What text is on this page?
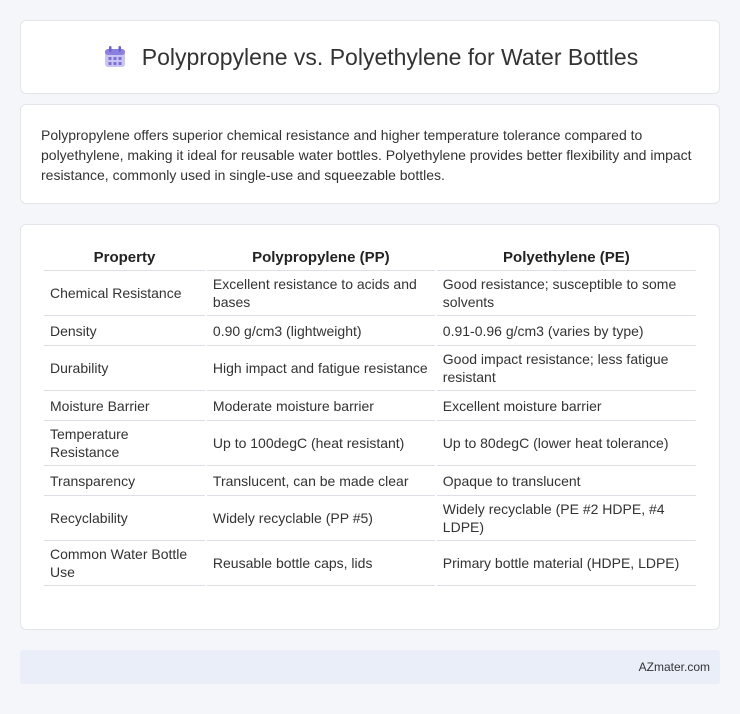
Polypropylene vs. Polyethylene for Water Bottles

Polypropylene offers superior chemical resistance and higher temperature tolerance compared to polyethylene, making it ideal for reusable water bottles. Polyethylene provides better flexibility and impact resistance, commonly used in single-use and squeezable bottles.

Property	Polypropylene (PP)	Polyethylene (PE)
Chemical Resistance	Excellent resistance to acids and bases	Good resistance; susceptible to some solvents
Density	0.90 g/cm3 (lightweight)	0.91-0.96 g/cm3 (varies by type)
Durability	High impact and fatigue resistance	Good impact resistance; less fatigue resistant
Moisture Barrier	Moderate moisture barrier	Excellent moisture barrier
Temperature Resistance	Up to 100degC (heat resistant)	Up to 80degC (lower heat tolerance)
Transparency	Translucent, can be made clear	Opaque to translucent
Recyclability	Widely recyclable (PP #5)	Widely recyclable (PE #2 HDPE, #4 LDPE)
Common Water Bottle Use	Reusable bottle caps, lids	Primary bottle material (HDPE, LDPE)
AZmater.com
